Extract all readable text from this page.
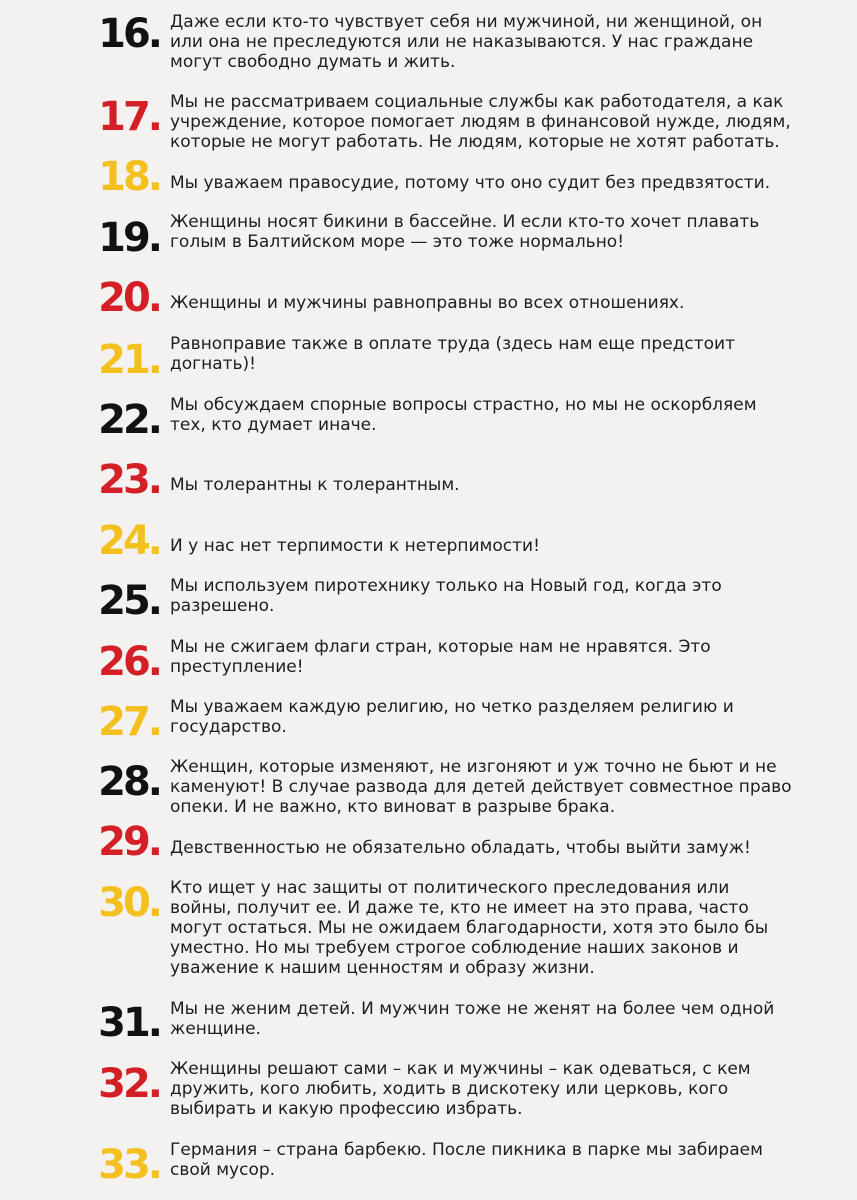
16. Даже если кто-то чувствует себя ни мужчиной, ни женщиной, он
или она не преследуются или не наказываются. У нас граждане
могут свободно думать и жить.
17. Мы не рассматриваем социальные службы как работодателя, а как
учреждение, которое помогает людям в финансовой нужде, людям,
которые не могут работать. Не людям, которые не хотят работать.
18. Мы уважаем правосудие, потому что оно судит без предвзятости.
19. Женщины носят бикини в бассейне. И если кто-то хочет плавать
голым в Балтийском море — это тоже нормально!
20. Женщины и мужчины равноправны во всех отношениях.
21. Равноправие также в оплате труда (здесь нам еще предстоит
догнать)!
22. Мы обсуждаем спорные вопросы страстно, но мы не оскорбляем
тех, кто думает иначе.
23. Мы толерантны к толерантным.
24. И у нас нет терпимости к нетерпимости!
25. Мы используем пиротехнику только на Новый год, когда это
разрешено.
26. Мы не сжигаем флаги стран, которые нам не нравятся. Это
преступление!
27. Мы уважаем каждую религию, но четко разделяем религию и
государство.
28. Женщин, которые изменяют, не изгоняют и уж точно не бьют и не
каменуют! В случае развода для детей действует совместное право
опеки. И не важно, кто виноват в разрыве брака.
29. Девственностью не обязательно обладать, чтобы выйти замуж!
30. Кто ищет у нас защиты от политического преследования или
войны, получит ее. И даже те, кто не имеет на это права, часто
могут остаться. Мы не ожидаем благодарности, хотя это было бы
уместно. Но мы требуем строгое соблюдение наших законов и
уважение к нашим ценностям и образу жизни.
31. Мы не женим детей. И мужчин тоже не женят на более чем одной
женщине.
32. Женщины решают сами – как и мужчины – как одеваться, с кем
дружить, кого любить, ходить в дискотеку или церковь, кого
выбирать и какую профессию избрать.
33. Германия – страна барбекю. После пикника в парке мы забираем
свой мусор.
